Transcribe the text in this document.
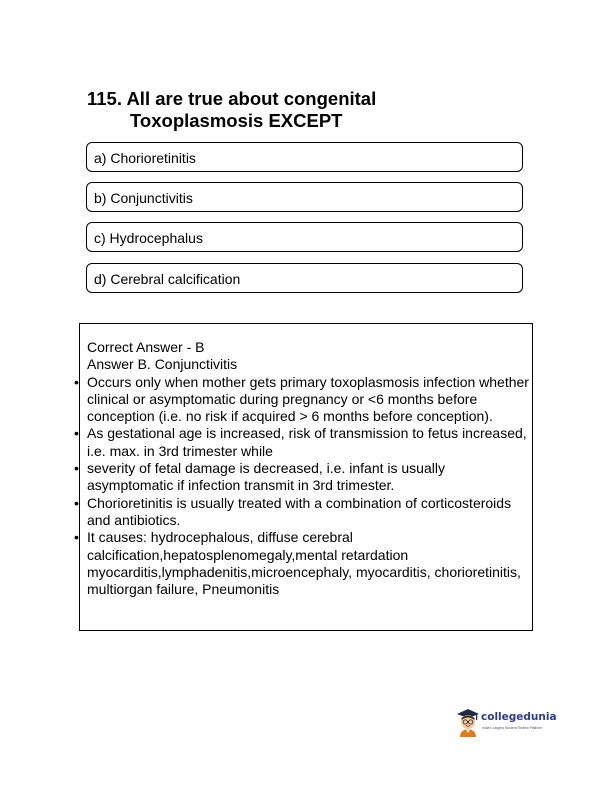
115. All are true about congenital
Toxoplasmosis EXCEPT
a) Chorioretinitis
b) Conjunctivitis
c) Hydrocephalus
d) Cerebral calcification

Correct Answer - B

Answer B. Conjunctivitis

• Occurs only when mother gets primary toxoplasmosis infection whether clinical or asymptomatic during pregnancy or <6 months before conception (i.e. no risk if acquired > 6 months before conception).
• As gestational age is increased, risk of transmission to fetus increased, i.e. max. in 3rd trimester while
• severity of fetal damage is decreased, i.e. infant is usually asymptomatic if infection transmit in 3rd trimester.
• Chorioretinitis is usually treated with a combination of corticosteroids and antibiotics.
• It causes: hydrocephalous, diffuse cerebral calcification,hepatosplenomegaly,mental retardation myocarditis,lymphadenitis,microencephaly, myocarditis, chorioretinitis, multiorgan failure, Pneumonitis
collegedunia
India's Largest Student Review Platform
